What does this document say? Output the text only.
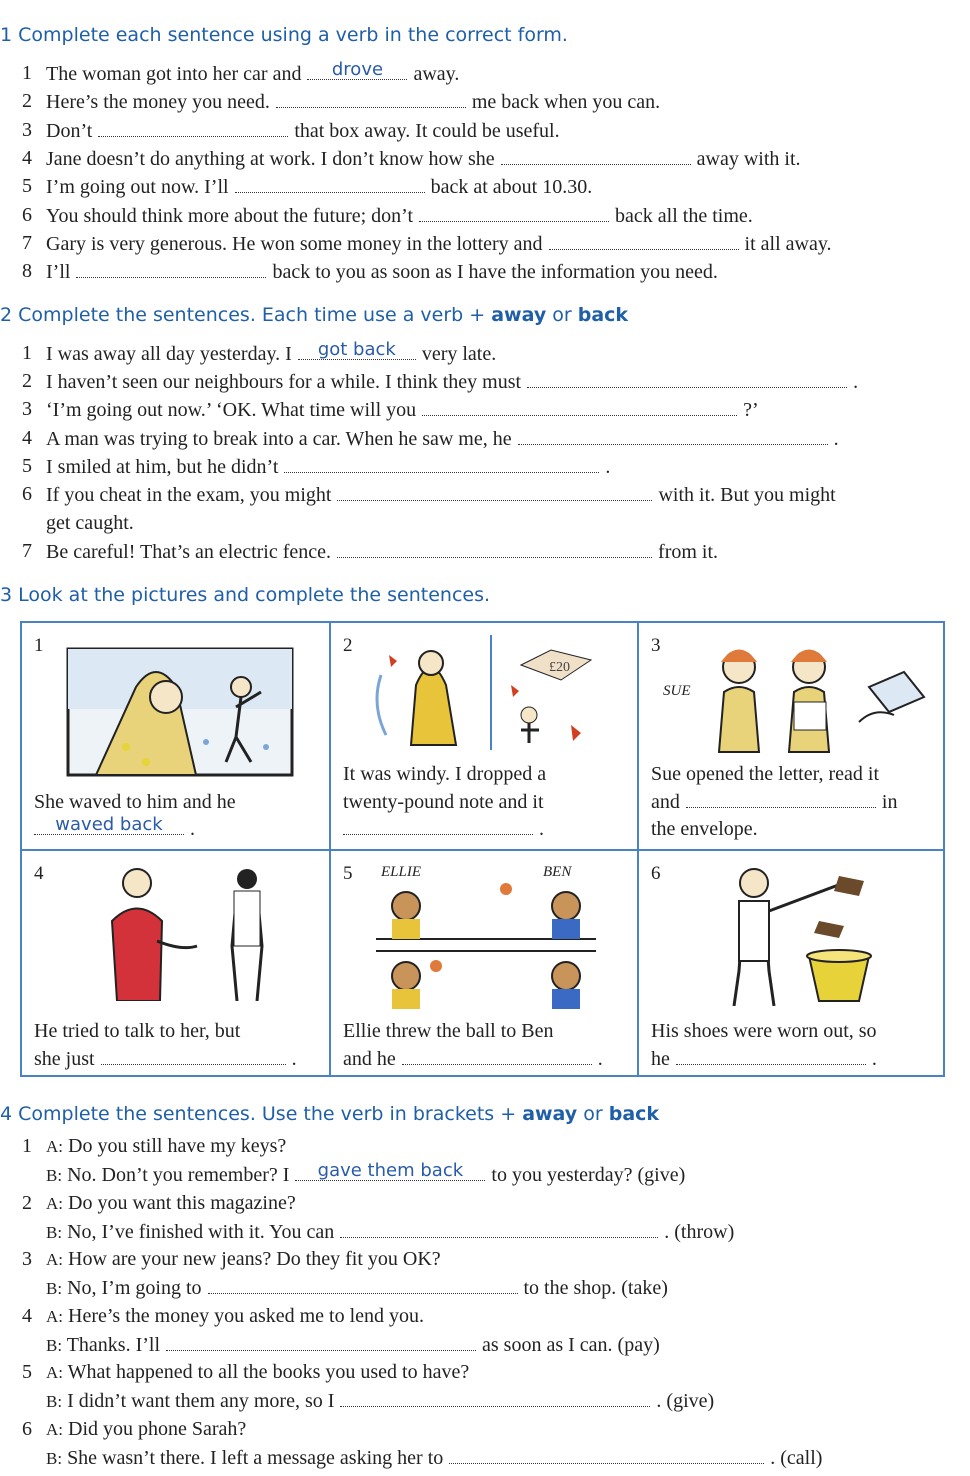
1 Complete each sentence using a verb in the correct form.
1 The woman got into her car and	drove	away.
2 Here’s the money you need.	me back when you can.
3 Don’t	that box away. It could be useful.
4 Jane doesn’t do anything at work. I don’t know how she	away with it.
5 I’m going out now. I’ll	back at about 10.30.
6 You should think more about the future; don’t	back all the time.
7 Gary is very generous. He won some money in the lottery and	it all away.
8 I’ll	back to you as soon as I have the information you need.
2 Complete the sentences. Each time use a verb + away or back
1 I was away all day yesterday. I	got back	very late.
2 I haven’t seen our neighbours for a while. I think they must	.
3 ‘I’m going out now.’ ‘OK. What time will you	?’
4 A man was trying to break into a car. When he saw me, he	.
5 I smiled at him, but he didn’t	.
6 If you cheat in the exam, you might	with it. But you might
get caught.
7 Be careful! That’s an electric fence.	from it.
3 Look at the pictures and complete the sentences.
1
She waved to him and he
waved back	.
2
£20
It was windy. I dropped a
twenty-pound note and it
.
3
SUE
Sue opened the letter, read it
and	in
the envelope.
4
He tried to talk to her, but
she just	.
5 ELLIE	BEN
Ellie threw the ball to Ben
and he	.
6
His shoes were worn out, so
he	.
4 Complete the sentences. Use the verb in brackets + away or back
1 A: Do you still have my keys?
B: No. Don’t you remember? I	gave them back	to you yesterday? (give)
2 A: Do you want this magazine?
B: No, I’ve finished with it. You can	. (throw)
3 A: How are your new jeans? Do they fit you OK?
B: No, I’m going to	to the shop. (take)
4 A: Here’s the money you asked me to lend you.
B: Thanks. I’ll	as soon as I can. (pay)
5 A: What happened to all the books you used to have?
B: I didn’t want them any more, so I	. (give)
6 A: Did you phone Sarah?
B: She wasn’t there. I left a message asking her to	. (call)
